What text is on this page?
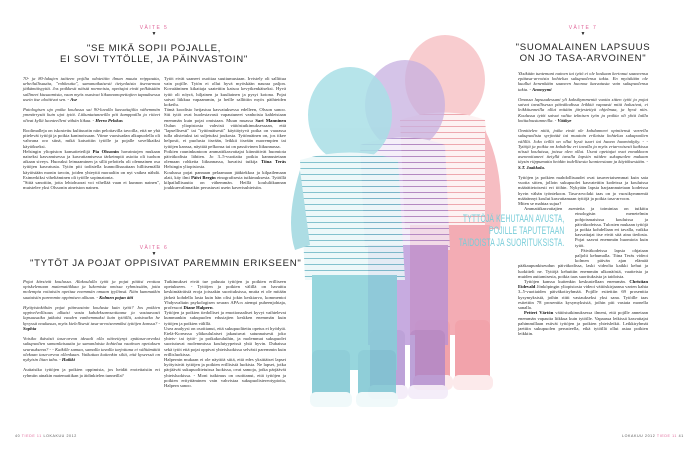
VÄITE 5
▼
"SE MIKÄ SOPII POJALLE,
EI SOVI TYTÖLLE, JA PÄINVASTOIN"

70- ja 80-lukujen taitteen pojilta odotettiin ilman muuta reippautta, urheilullisuutta, "rohkeutta", samanaikaisesti tietynlaista itsevarmaa jätkämäisyyttä. Jos poikkesit näistä normeista, opettajat eivät pelkästään sallineet kiusaamista, vaan myös osasivat liikunnanopettajien tapauksessa usein itse aloittivat sen. - Ase

Patologisen ujo poika koulussa sai 90-luvulla kasvattajilta vähemmän ymmärrystä kuin ujot tytöt. Liikuntatunneilla piti kamppailla ja riiteet olivat kyllä luonteelleni vähän liikaa. - Herra Pelokas

Roolimalleja on iskostettu kulttuuriin niin pelottavilla tavoilla, että ne yhä pitelevät tyttöjä ja poikia kaninoissaan. Viime vuosisadan alkupuolella oli vahvana oro siinä, mikä katsottiin tytölle ja pojalle sovelikaiksi käytökseksi.

Helsingin yliopiston kansatieteilijä Pia Olssonin havaintojen mukaan naiseksi kasvamisessa ja kasvattamisessa tärkeimpiä asioita oli tuohon aikaan siveys. Huoraksi leimaaminen ja sillä pelottelu oli olennainen osa tyttöjen kasvatusta. Tytön piti todistella kunnollisuuttaan hillitsemällä käytöstään monin tavoin, joiden yhteyttä moraaliin on nyt vaikea nähdä. Esimerkiksi viheltäminen oli tytölle sopimatonta.

"Siitä sanottiin, jotta lehtohuorat voi vihellää vaan ei kunnon nainen", muistelee yksi Olssonin aineiston nainen.

Tytöt eivät saaneet osoittaa suuttumustaan. Irvistely oli sallittua vain pojille. Tytön ei ollut hyvä myöskään nauraa paljon. Kovaääninen kikattaja saatettiin katsoa kevytkenkäiseksi. Hyvä tyttö oli nöyrä, hiljainen ja kuuliainen ja pysyi kotona. Pojat saivat liikkua vapaammin, ja heille sallittiin myös päihteiden kokeilu.

Tämä koodisto heijastuu kasvatuksessa edelleen, Olsson sanoo. Siti tytöt ovat huolestavasti vapautuneet vanhoista kahleistaan enemmän kuin pojat omistaan. Muun muassa Sari Manninen Oulun yliopistosta vahvisti väitöstutkimuksessaan, että "lapsellisesti" tai "tyttömäisesti" käyttäytyvä poika on vaarassa tulla alistetuksi tai suljetuksi joukosta. Tyttömäinen on, jos itkee helposti, ei puolusta itseään, leikkii itseään nuorempien tai tyttöjen kanssa, näyttää pelkonsa tai on passiivinen liikunnassa.

Poikien rauninkuntoon ammattikasvattajat kiinnittivät huomiota päiväkodista lähtien. Jo 3–5-vuotiaita poikia kannustetaan olemaan rohkeita liikunnassa, havaitsi tutkija Tiina Teräs Helsingin yliopistosta.

Koulussa pojat pannaan pelaamaan jääkiekkoa ja kilpailemaan alati, käy ilmi Päivi Bergin etnografisesta tutkimuksesta. Tytöillä kilpailullisuutta on vähemmän. Heillä koululiikunnan joukkuevalinnatkin perustuvat usein kaverisuhteisiin.

VÄITE 6
▼
"TYTÖT JA POJAT OPPISIVAT PAREMMIN ERIKSEEN"

Pojat kärsivät koulussa. Alakoululla tytöt ja pojat pitäisi erottaa opiskelemaan matematiikkaa ja lukemista omissa ryhmissään, jotta molempia voitaisiin opettaa enemmän omaan tyyliinsä. Näin kummatkin saataisiin paremmin oppimisen alkuun. - Kolmen pojan äiti

Hyötyisinköhän pojat päinvastoin koulusta kuin tytöt? Jos poikien oppivelvollisuus alkaisi vasta kahdeksanvuotiaana ja vastaavasti lapsuusaika jatkuisi vuoden vanhemmaksi kuin tytöillä, saisivatko he kyvyssä noukasua, myös kielellisesti tasa-arvoisemmiksi tyttöjen kanssa? - Sophia

Voisiko ikävästi tasa-arvon ideaali olla näivettynyt epätasa-arvoksi sukupuolten samanlaisuutta ja samanlaista kohtelua vaativan opetuksen seurauksena? - - Kaikille samaa, samalla tavalla tarjottuna ei välttämättä olekaan tasa-arvoa ollenkaan. Vaikuttaa kuitenkin siltä, että kyseessä on nykyisin liian tabu. - Haikki

Auttaisiko tyttöjen ja poikien oppimista, jos heidät erotettaisiin eri ryhmiin ainakin matematiikan ja äidinkielen tunneilla?

Tutkimukset eivät tue paluuta tyttöjen ja poikien erilliseen opetukseen. - Tyttöjen ja poikien välillä on havaittu keskimääräisiä eroja joissakin suorituksissa, mutta ei ole mitään järkeä kohdella lasta kuin hän olisi jokin keskiarvo, kommentoi Yhdysvaltain psykologisen seuran APA:n aiempi puheenjohtaja, professori Diane Halpern.

Tyttöjen ja poikien tiedolliset ja emotionaaliset kyvyt vaihtelevat kummankin sukupuolen edustajien keskken enemmän kuin tyttöjen ja poikien välillä.

Usea analyysi on osoittanut, että sukupuolitettu opetus ei hyödytä. Etelä-Koreassa yläkoululaiset jakautuvat satunnaisesti joko yhteis- tai tyttö- ja poikakouluihin, ja molemmat sukupuolet suoriutuvat molemmissa koulutyypeissä yhtä hyvin. Dubaissa sekä tytöt että pojat oppivat yhteisluokissa selvästi paremmin kuin erillisluokissa.

Halpernin mukaan ei ole näyttöä siitä, että edes yksittäiset lapset hyötyisivät tyttöjen ja poikien erillisistä luokista. Ne lapset, jotka pärjäävät sukupuolitetuissa luokissa, ovat samoja, jotka pärjäävät yhteisluokissa. - Moni tutkimus on osoittanut, että tyttöjen ja poikien erityttäminen vain vahvistaa sukupuolistereotypioita, Halpern sanoo.

40 TIEDE 11 LOKAKUU 2012
VÄITE 7
▼
"SUOMALAINEN LAPSUUS
ON JO TASA-ARVOINEN"

Yksikään tuntemani nainen tai tyttö ei ole koskaan kertonut saaneensa epätasa-arvoista kohtelua sukupuolensa takia. En myöskään ole kuullut kenenkään saaneen huonoa kasvatusta vain sukupuolensa takia. - Anonyymi

Omassa lapsuudessani yli kaksikymmentä vuotta sitten tytöt ja pojat saivat tavallisessa päiväkodissa leikkiä vapaasti mitä halusivat, ei leikkitunneilla ollut mitään järjestettyä ohjelmaa, ja hyvä niin. Koulussa tytöt saivat valita teknisen työn ja poikia oli yhtä lailla kotitaloustunneilla. - Vääkye

Onnittelen niitä, jotka eivät ole kohdanneet opintiensä varrella sukupuolista syrjintää tai muutoin erilaista kohtelua sukupuolten välillä. Joko teillä on ollut hyvä tuuri tai huono huomiokyky. - - Tyttöjä ja poikia on kohdeltu eri tavalla ja myös eriarvoisesti kaikissa niissä kouluissa, joissa olen ollut. Useat opettajat ovat ennakkoon asennoituneet tietyllä tavalla lapsiin näiden sukupuolen mukaan täysin riippumatta heidän todellisesta luonteestaan ja käytöksestään. - S.T. Jaakkola.

Tyttöjen ja poikien mahdollisuudet ovat tasavertaisemmat kuin sata vuotta sitten, jolloin sukupuolet kasvatettiin kodeissa ja kouluissa määrätietoisesti eri töihin. Nykyään lapsia harjaannutetaan kodeissa hyvin vähän työntekoon. Tasa-arvolaki taas on jo vuosikymmeniä määrännyt koulut kasvattamaan tyttöjä ja poikia tasa-arvoon.

Miten se mahtaa sujua?

Ammattikasvattajien asenteita ja toimintaa on tutkittu

TYTTÖJÄ KEHUTAAN AVUSTA,
POJILLE TAPUTETAAN
TAIDOISTA JA SUORITUKSISTA.
etnologisin menetelmin pohjoismaisissa kouluissa ja päiväkodeissa. Tulosten mukaan tyttöjä ja poikia kohdellaan eri tavalla, vaikka kasvattajat itse eivät sitä aina tiedosta. Pojat saavat enemmän huomiota kuin tytöt.

Päiväkodeissa lapsia ohjataan paljolti kehumalla. Tiina Teräs videoi kolmen päivän ajan elämää pääkaupunkiseudun päiväkodissa, laski videolta kaikki kehut ja luokitteli ne. Tyttöjä kehuttiin enemmän ulkonäöstä, vaatteista ja muiden auttamisesta, poikia taas suorituksista ja taidoista.

Tyttöjen kanssa kuitenkin keskustellaan enemmän. Christian Eidevald Jönköpingin yliopistosta videoi väitöskirjaansa varten kahta 3–5-vuotiaiden päiväkotiryhmää. Pojille esitettiin 69 prosenttia kysymyksistä, joihin riitti vastaukseksi yksi sana. Tytöille taas esitettiin 78 prosenttia kysymyksistä, joihin piti vastata monella sanalla.

Petteri Värtön väitöstutkimuksessa ilmeni, että pojille annetaan enemmän vapautta liikkua kuin tytöille. Vapaassa leikissä kasvattajat pahimmillaan estivät tyttöjen ja poikien yhteisleikit. Leikkiryhmät jaettiin sukupuolen perusteella, eikä tytöillä ollut asiaa poikien leikkiin.

LOKAKUU 2012 TIEDE 11 41
